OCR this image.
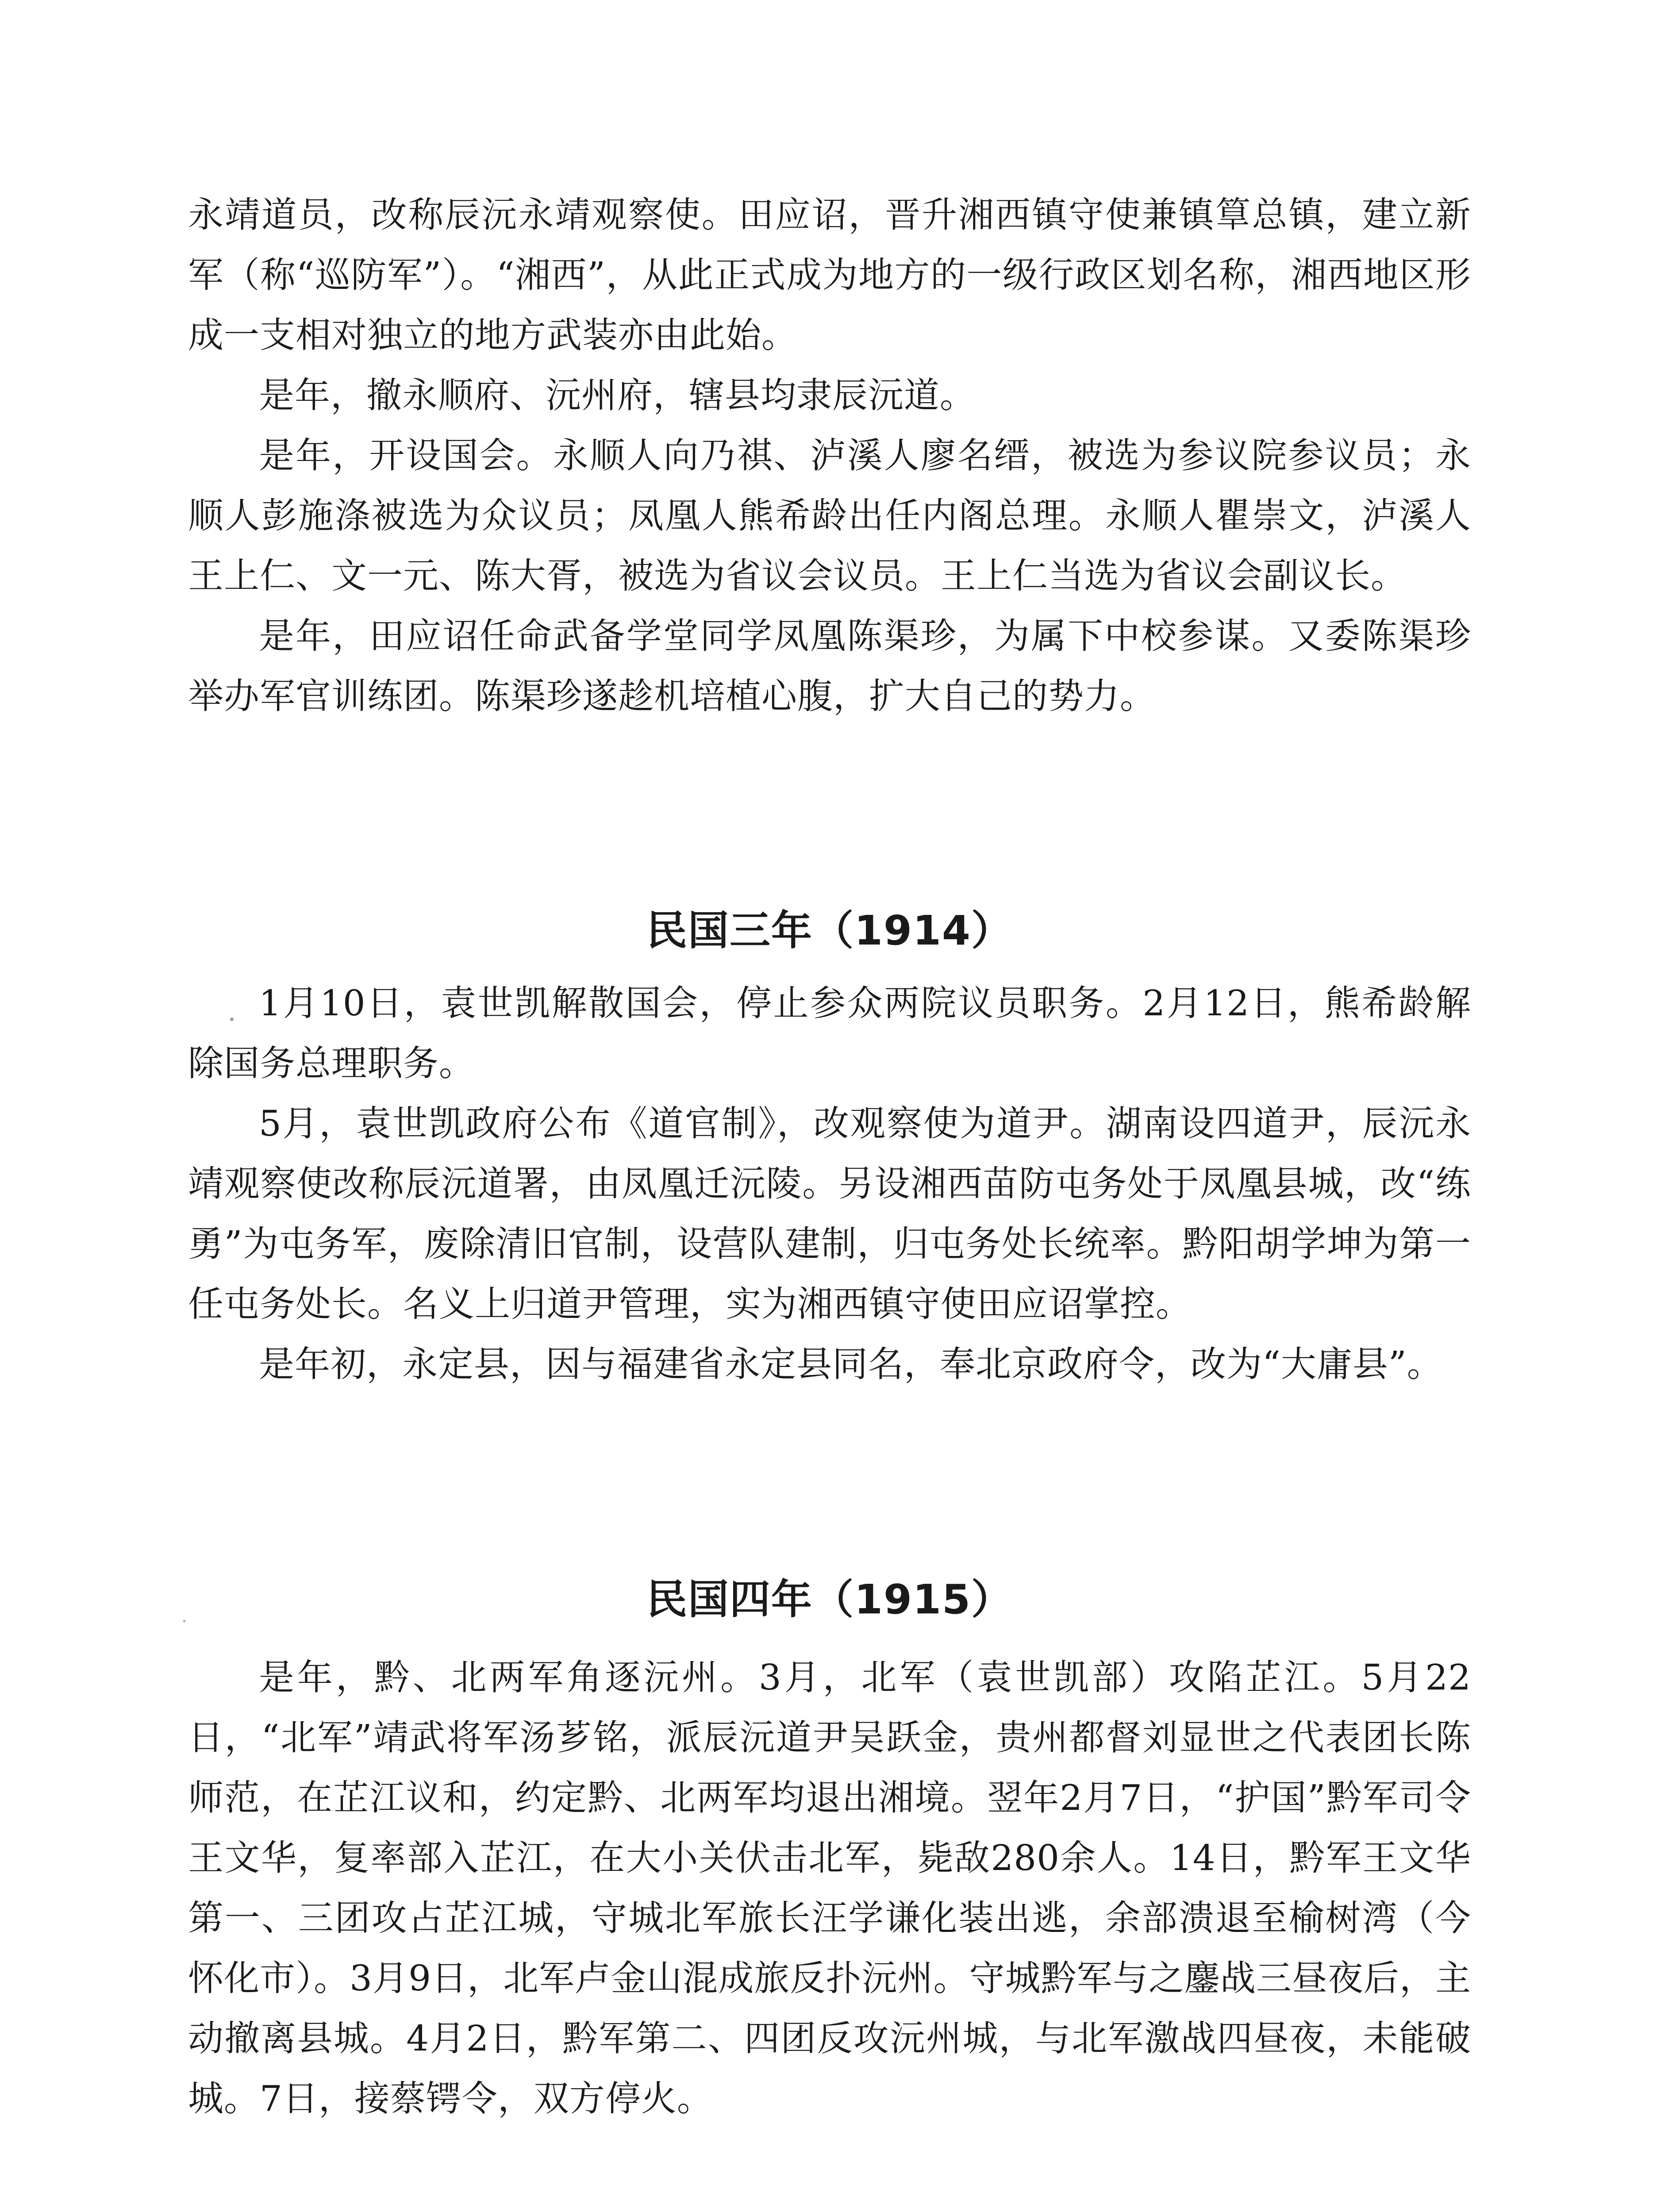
永靖道员，改称辰沅永靖观察使。田应诏，晋升湘西镇守使兼镇筸总镇，建立新军（称“巡防军”）。“湘西”，从此正式成为地方的一级行政区划名称，湘西地区形成一支相对独立的地方武装亦由此始。

是年，撤永顺府、沅州府，辖县均隶辰沅道。

是年，开设国会。永顺人向乃祺、泸溪人廖名缙，被选为参议院参议员；永顺人彭施涤被选为众议员；凤凰人熊希龄出任内阁总理。永顺人瞿崇文，泸溪人王上仁、文一元、陈大胥，被选为省议会议员。王上仁当选为省议会副议长。

是年，田应诏任命武备学堂同学凤凰陈渠珍，为属下中校参谋。又委陈渠珍举办军官训练团。陈渠珍遂趁机培植心腹，扩大自己的势力。

民国三年（1914）

1月10日，袁世凯解散国会，停止参众两院议员职务。2月12日，熊希龄解除国务总理职务。

5月，袁世凯政府公布《道官制》，改观察使为道尹。湖南设四道尹，辰沅永靖观察使改称辰沅道署，由凤凰迁沅陵。另设湘西苗防屯务处于凤凰县城，改“练勇”为屯务军，废除清旧官制，设营队建制，归屯务处长统率。黔阳胡学坤为第一任屯务处长。名义上归道尹管理，实为湘西镇守使田应诏掌控。

是年初，永定县，因与福建省永定县同名，奉北京政府令，改为“大庸县”。

民国四年（1915）

是年，黔、北两军角逐沅州。3月，北军（袁世凯部）攻陷芷江。5月22日，“北军”靖武将军汤芗铭，派辰沅道尹吴跃金，贵州都督刘显世之代表团长陈师范，在芷江议和，约定黔、北两军均退出湘境。翌年2月7日，“护国”黔军司令王文华，复率部入芷江，在大小关伏击北军，毙敌280余人。14日，黔军王文华第一、三团攻占芷江城，守城北军旅长汪学谦化装出逃，余部溃退至榆树湾（今怀化市）。3月9日，北军卢金山混成旅反扑沅州。守城黔军与之鏖战三昼夜后，主动撤离县城。4月2日，黔军第二、四团反攻沅州城，与北军激战四昼夜，未能破城。7日，接蔡锷令，双方停火。
